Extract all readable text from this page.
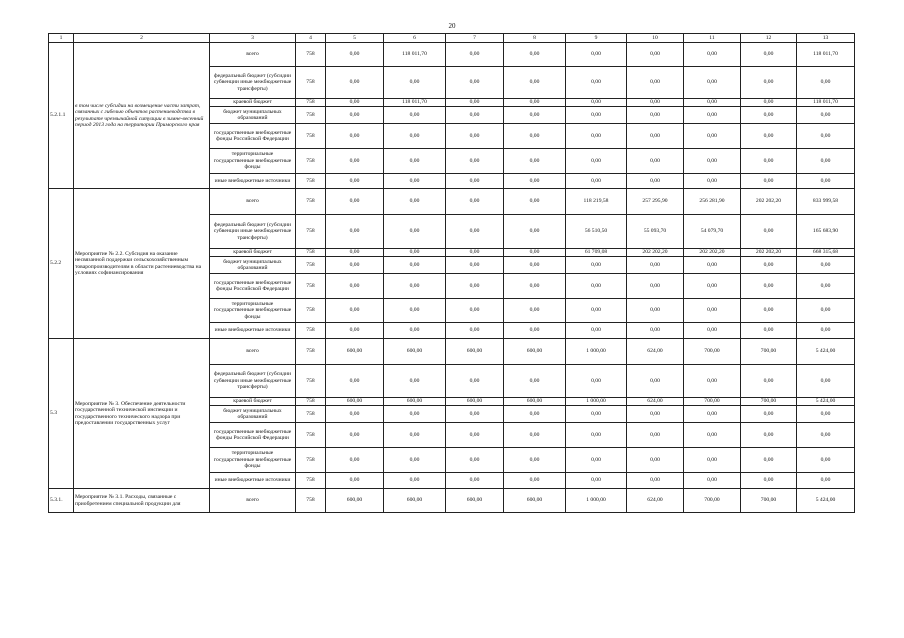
20
1	2	3	4	5	6	7	8	9	10	11	12	13
5.2.1.1	в том числе субсидии на возмещение части затрат, связанных с гибелью объектов растениеводства в результате чрезвычайной ситуации в зимне-весенний период 2013 года на территории Приморского края	всего	758	0,00	118 011,70	0,00	0,00	0,00	0,00	0,00	0,00	118 011,70
		федеральный бюджет (субсидии субвенции иные межбюджетные трансферты)	758	0,00	0,00	0,00	0,00	0,00	0,00	0,00	0,00	0,00
		краевой бюджет	758	0,00	118 011,70	0,00	0,00	0,00	0,00	0,00	0,00	118 011,70
		бюджет муниципальных образований	758	0,00	0,00	0,00	0,00	0,00	0,00	0,00	0,00	0,00
		государственные внебюджетные фонды Российской Федерации	758	0,00	0,00	0,00	0,00	0,00	0,00	0,00	0,00	0,00
		территориальные государственные внебюджетные фонды	758	0,00	0,00	0,00	0,00	0,00	0,00	0,00	0,00	0,00
		иные внебюджетные источники	758	0,00	0,00	0,00	0,00	0,00	0,00	0,00	0,00	0,00
5.2.2	Мероприятие № 2.2. Субсидия на оказание несвязанной поддержки сельскохозяйственным товаропроизводителям в области растениеводства на условиях софинансирования	всего	758	0,00	0,00	0,00	0,00	118 219,58	257 295,90	256 281,90	202 202,20	833 999,58
		федеральный бюджет (субсидии субвенции иные межбюджетные трансферты)	758	0,00	0,00	0,00	0,00	56 510,50	55 093,70	54 079,70	0,00	165 683,90
		краевой бюджет	758	0,00	0,00	0,00	0,00	61 709,08	202 202,20	202 202,20	202 202,20	668 315,68
		бюджет муниципальных образований	758	0,00	0,00	0,00	0,00	0,00	0,00	0,00	0,00	0,00
		государственные внебюджетные фонды Российской Федерации	758	0,00	0,00	0,00	0,00	0,00	0,00	0,00	0,00	0,00
		территориальные государственные внебюджетные фонды	758	0,00	0,00	0,00	0,00	0,00	0,00	0,00	0,00	0,00
		иные внебюджетные источники	758	0,00	0,00	0,00	0,00	0,00	0,00	0,00	0,00	0,00
5.3	Мероприятие № 3. Обеспечение деятельности государственной технической инспекции и государственного технического надзора при предоставлении государственных услуг	всего	758	600,00	600,00	600,00	600,00	1 000,00	624,00	700,00	700,00	5 424,00
		федеральный бюджет (субсидии субвенции иные межбюджетные трансферты)	758	0,00	0,00	0,00	0,00	0,00	0,00	0,00	0,00	0,00
		краевой бюджет	758	600,00	600,00	600,00	600,00	1 000,00	624,00	700,00	700,00	5 424,00
		бюджет муниципальных образований	758	0,00	0,00	0,00	0,00	0,00	0,00	0,00	0,00	0,00
		государственные внебюджетные фонды Российской Федерации	758	0,00	0,00	0,00	0,00	0,00	0,00	0,00	0,00	0,00
		территориальные государственные внебюджетные фонды	758	0,00	0,00	0,00	0,00	0,00	0,00	0,00	0,00	0,00
		иные внебюджетные источники	758	0,00	0,00	0,00	0,00	0,00	0,00	0,00	0,00	0,00
5.3.1.	Мероприятие № 3.1. Расходы, связанные с приобретением специальной продукции для	всего	758	600,00	600,00	600,00	600,00	1 000,00	624,00	700,00	700,00	5 424,00
